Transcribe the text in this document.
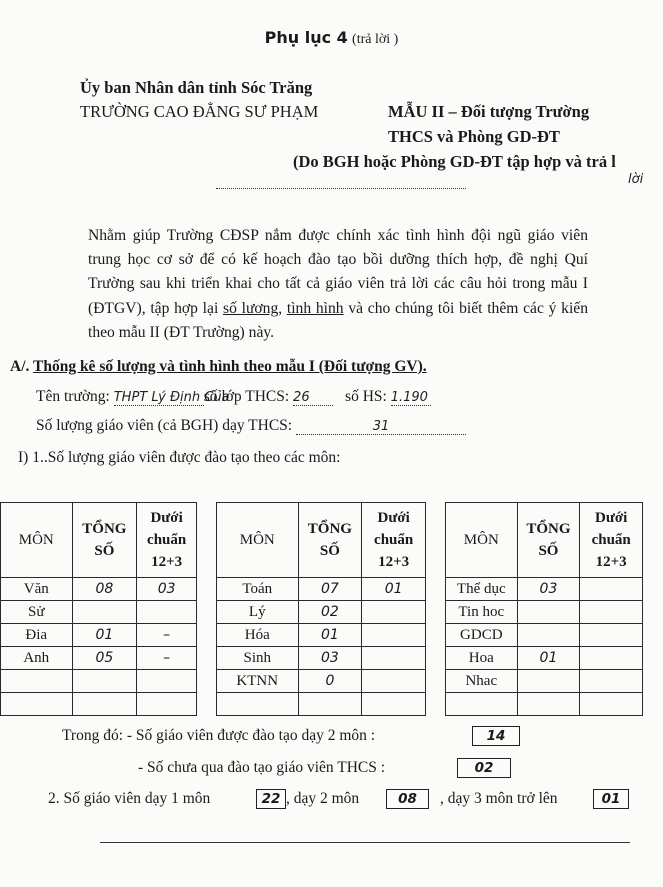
Phụ lục 4 (trả lời )
Ủy ban Nhân dân tỉnh Sóc Trăng
TRƯỜNG CAO ĐẲNG SƯ PHẠM	MẪU II – Đối tượng Trường
THCS và Phòng GD-ĐT
(Do BGH hoặc Phòng GD-ĐT tập hợp và trả l
lời
Nhằm giúp Trường CĐSP nắm được chính xác tình hình đội ngũ giáo viên trung học cơ sở để có kế hoạch đào tạo bồi dưỡng thích hợp, đề nghị Quí Trường sau khi triển khai cho tất cả giáo viên trả lời các câu hỏi trong mẫu I (ĐTGV), tập hợp lại số lương, tình hình và cho chúng tôi biết thêm các ý kiến theo mẫu II (ĐT Trường) này.
A/. Thống kê số lượng và tình hình theo mẫu I (Đối tượng GV).
Tên trường: THPT Lý Định Củasố lớp THCS: 26 số HS: 1.190
Số lượng giáo viên (cả BGH) dạy THCS:	31
I) 1..Số lượng giáo viên được đào tạo theo các môn:
MÔN	TỔNG SỐ	Dưới chuẩn 12+3
Văn	08	03
Sử		
Đia	01	–
Anh	05	–

MÔN	TỔNG SỐ	Dưới chuẩn 12+3
Toán	07	01
Lý	02	
Hóa	01	
Sinh	03	
KTNN	0	

MÔN	TỔNG SỐ	Dưới chuẩn 12+3
Thể dục	03	
Tin hoc		
GDCD		
Hoa	01	
Nhac		

Trong đó: - Số giáo viên được đào tạo dạy 2 môn :	14
- Số chưa qua đào tạo giáo viên THCS :	02
2. Số giáo viên dạy 1 môn	22 , dạy 2 môn	08	, dạy 3 môn trở lên	01
